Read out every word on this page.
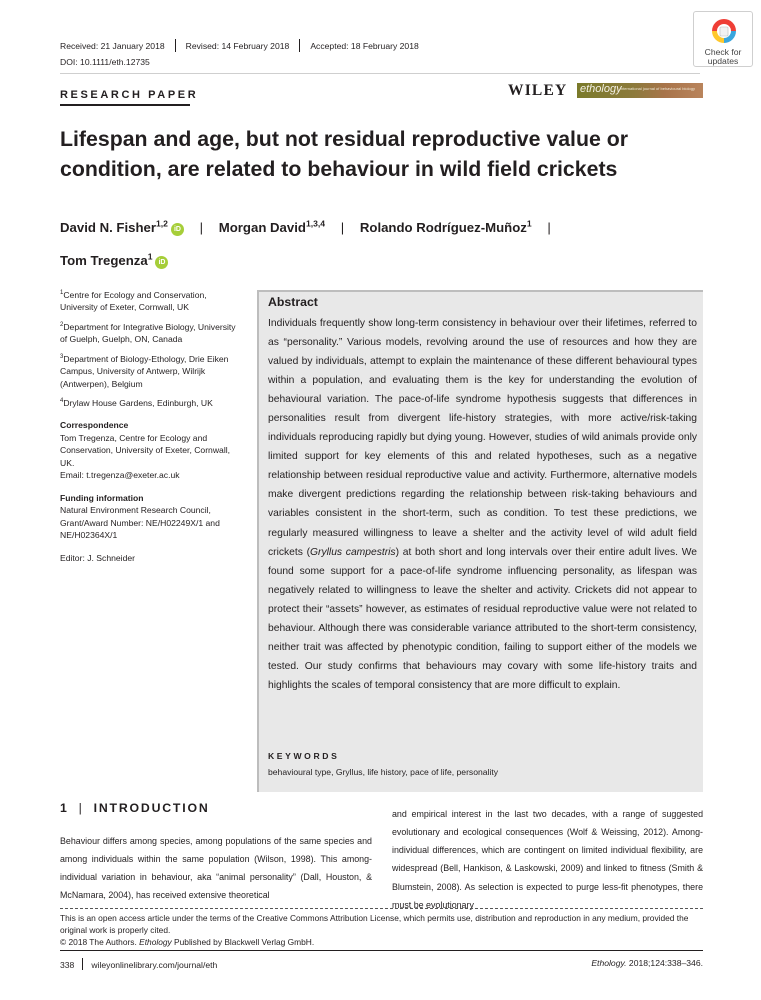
Received: 21 January 2018 Revised: 14 February 2018 Accepted: 18 February 2018
DOI: 10.1111/eth.12735
Check for
updates
RESEARCH PAPER	WILEY ethology
international journal of behavioural biology
Lifespan and age, but not residual reproductive value or condition, are related to behaviour in wild field crickets
David N. Fisher$^{1,2}$iD | Morgan David$^{1,3,4}$ | Rolando Rodríguez-Muñoz$^1$ |
Tom Tregenza$^1$iD
$^1$Centre for Ecology and Conservation, University of Exeter, Cornwall, UK
$^2$Department for Integrative Biology, University of Guelph, Guelph, ON, Canada
$^3$Department of Biology-Ethology, Drie Eiken Campus, University of Antwerp, Wilrijk (Antwerpen), Belgium
$^4$Drylaw House Gardens, Edinburgh, UK
Correspondence
Tom Tregenza, Centre for Ecology and Conservation, University of Exeter, Cornwall, UK.
Email: t.tregenza@exeter.ac.uk
Funding information
Natural Environment Research Council, Grant/Award Number: NE/H02249X/1 and NE/H02364X/1
Editor: J. Schneider
Abstract
Individuals frequently show long-term consistency in behaviour over their lifetimes, referred to as “personality.” Various models, revolving around the use of resources and how they are valued by individuals, attempt to explain the maintenance of these different behavioural types within a population, and evaluating them is the key for understanding the evolution of behavioural variation. The pace-of-life syndrome hypothesis suggests that differences in personalities result from divergent life-history strategies, with more active/risk-taking individuals reproducing rapidly but dying young. However, studies of wild animals provide only limited support for key elements of this and related hypotheses, such as a negative relationship between residual reproductive value and activity. Furthermore, alternative models make divergent predictions regarding the relationship between risk-taking behaviours and variables consistent in the short-term, such as condition. To test these predictions, we regularly measured willingness to leave a shelter and the activity level of wild adult field crickets (Gryllus campestris) at both short and long intervals over their entire adult lives. We found some support for a pace-of-life syndrome influencing personality, as lifespan was negatively related to willingness to leave the shelter and activity. Crickets did not appear to protect their “assets” however, as estimates of residual reproductive value were not related to behaviour. Although there was considerable variance attributed to the short-term consistency, neither trait was affected by phenotypic condition, failing to support either of the models we tested. Our study confirms that behaviours may covary with some life-history traits and highlights the scales of temporal consistency that are more difficult to explain.
KEYWORDS
behavioural type, Gryllus, life history, pace of life, personality
1 | INTRODUCTION
Behaviour differs among species, among populations of the same species and among individuals within the same population (Wilson, 1998). This among-individual variation in behaviour, aka “animal personality” (Dall, Houston, & McNamara, 2004), has received extensive theoretical
and empirical interest in the last two decades, with a range of suggested evolutionary and ecological consequences (Wolf & Weissing, 2012). Among-individual differences, which are contingent on limited individual flexibility, are widespread (Bell, Hankison, & Laskowski, 2009) and linked to fitness (Smith & Blumstein, 2008). As selection is expected to purge less-fit phenotypes, there must be evolutionary
This is an open access article under the terms of the Creative Commons Attribution License, which permits use, distribution and reproduction in any medium, provided the original work is properly cited.
© 2018 The Authors. Ethology Published by Blackwell Verlag GmbH.
338 wileyonlinelibrary.com/journal/eth	Ethology. 2018;124:338–346.
